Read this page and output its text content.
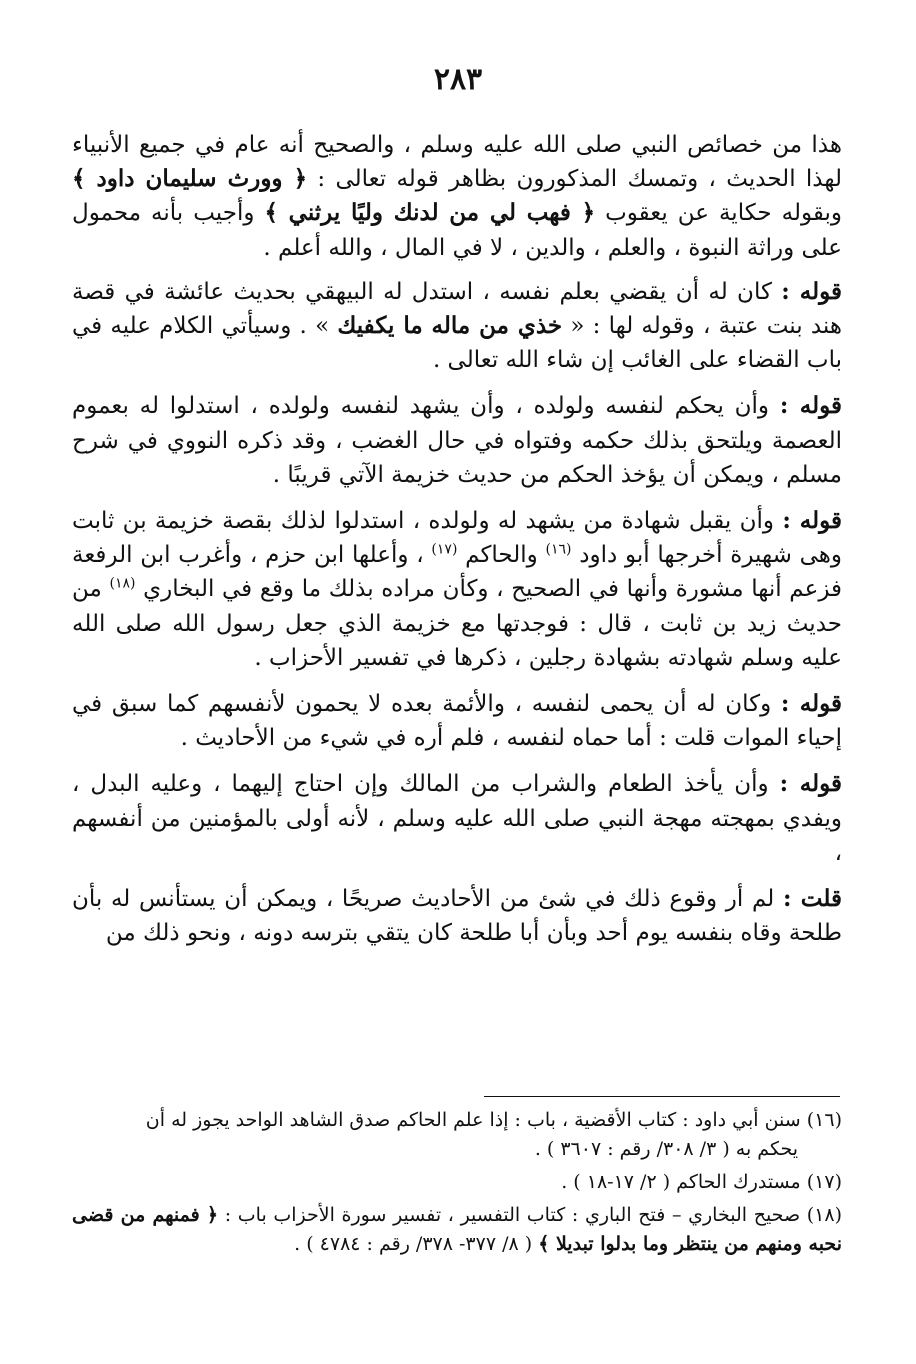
٢٨٣

هذا من خصائص النبي صلى الله عليه وسلم ، والصحيح أنه عام في جميع الأنبياء لهذا الحديث ، وتمسك المذكورون بظاهر قوله تعالى : ﴿ وورث سليمان داود ﴾ وبقوله حكاية عن يعقوب ﴿ فهب لي من لدنك وليًا يرثني ﴾ وأجيب بأنه محمول على وراثة النبوة ، والعلم ، والدين ، لا في المال ، والله أعلم .

قوله : كان له أن يقضي بعلم نفسه ، استدل له البيهقي بحديث عائشة في قصة هند بنت عتبة ، وقوله لها : « خذي من ماله ما يكفيك » . وسيأتي الكلام عليه في باب القضاء على الغائب إن شاء الله تعالى .

قوله : وأن يحكم لنفسه ولولده ، وأن يشهد لنفسه ولولده ، استدلوا له بعموم العصمة ويلتحق بذلك حكمه وفتواه في حال الغضب ، وقد ذكره النووي في شرح مسلم ، ويمكن أن يؤخذ الحكم من حديث خزيمة الآتي قريبًا .

قوله : وأن يقبل شهادة من يشهد له ولولده ، استدلوا لذلك بقصة خزيمة بن ثابت وهى شهيرة أخرجها أبو داود $^{(١٦)}$ والحاكم $^{(١٧)}$ ، وأعلها ابن حزم ، وأغرب ابن الرفعة فزعم أنها مشورة وأنها في الصحيح ، وكأن مراده بذلك ما وقع في البخاري $^{(١٨)}$ من حديث زيد بن ثابت ، قال : فوجدتها مع خزيمة الذي جعل رسول الله صلى الله عليه وسلم شهادته بشهادة رجلين ، ذكرها في تفسير الأحزاب .

قوله : وكان له أن يحمى لنفسه ، والأئمة بعده لا يحمون لأنفسهم كما سبق في إحياء الموات قلت : أما حماه لنفسه ، فلم أره في شيء من الأحاديث .

قوله : وأن يأخذ الطعام والشراب من المالك وإن احتاج إليهما ، وعليه البدل ، ويفدي بمهجته مهجة النبي صلى الله عليه وسلم ، لأنه أولى بالمؤمنين من أنفسهم ،

قلت : لم أر وقوع ذلك في شئ من الأحاديث صريحًا ، ويمكن أن يستأنس له بأن طلحة وقاه بنفسه يوم أحد وبأن أبا طلحة كان يتقي بترسه دونه ، ونحو ذلك من

(١٦) سنن أبي داود : كتاب الأقضية ، باب : إذا علم الحاكم صدق الشاهد الواحد يجوز له أن
يحكم به ( ٣/ ٣٠٨/ رقم : ٣٦٠٧ ) .

(١٧) مستدرك الحاكم ( ٢/ ١٧-١٨ ) .

(١٨) صحيح البخاري – فتح الباري : كتاب التفسير ، تفسير سورة الأحزاب باب : ﴿ فمنهم من قضى نحبه ومنهم من ينتظر وما بدلوا تبديلا ﴾ ( ٨/ ٣٧٧- ٣٧٨/ رقم : ٤٧٨٤ ) .
